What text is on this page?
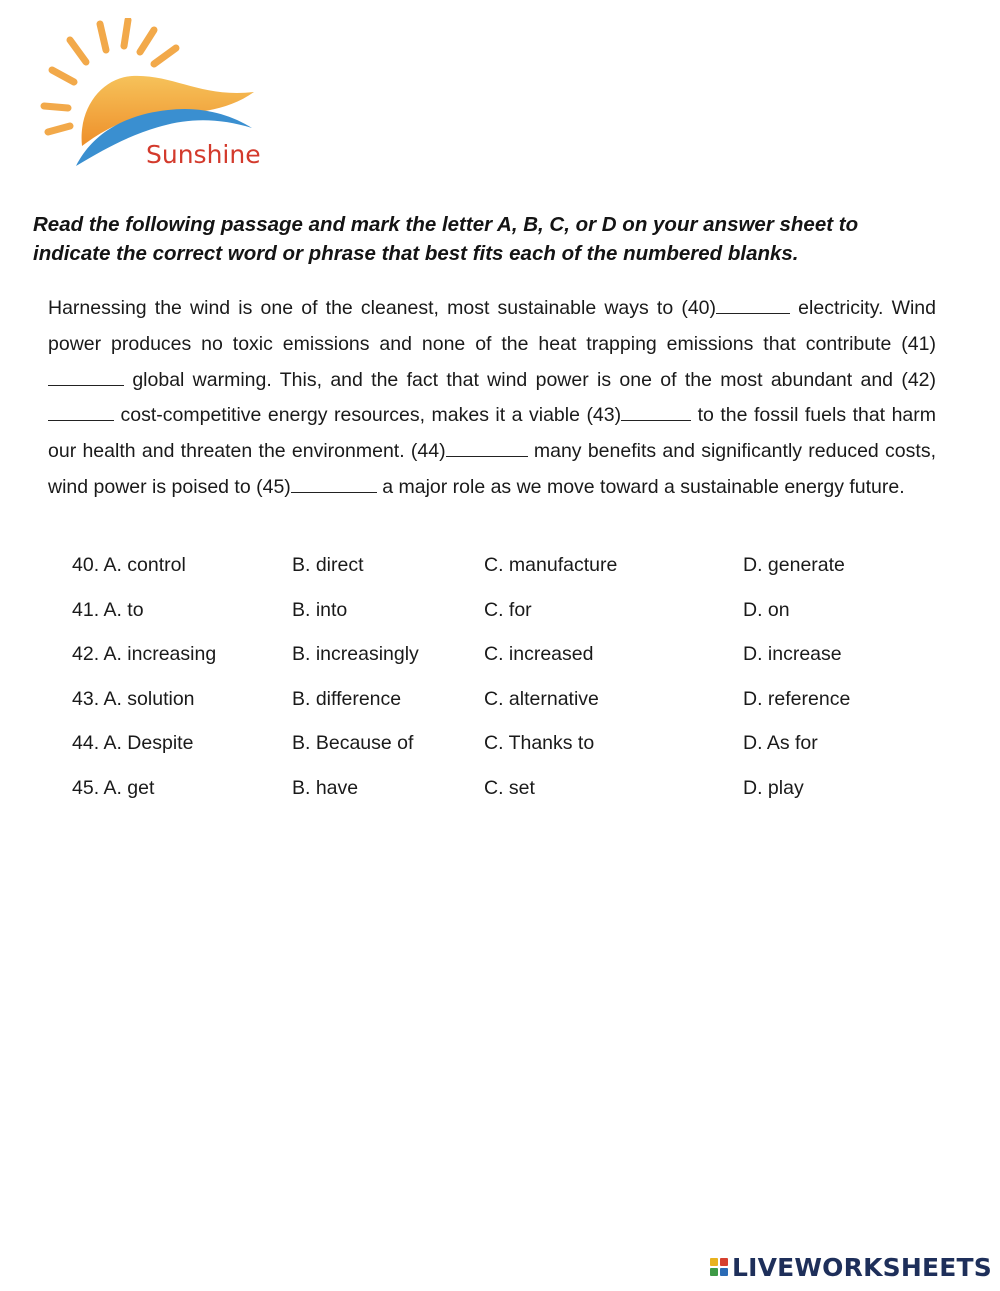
Sunshine
Read the following passage and mark the letter A, B, C, or D on your answer sheet to indicate the correct word or phrase that best fits each of the numbered blanks.

Harnessing the wind is one of the cleanest, most sustainable ways to (40)	electricity. Wind power produces no toxic emissions and none of the heat trapping emissions that contribute (41) global warming. This, and the fact that wind power is one of the most abundant and (42) cost-competitive energy resources, makes it a viable (43)	to the fossil fuels that harm our health and threaten the environment. (44)	many benefits and significantly reduced costs, wind power is poised to (45)	a major role as we move toward a sustainable energy future.

40. A. control	B. direct	C. manufacture	D. generate
41. A. to	B. into	C. for	D. on
42. A. increasing	B. increasingly	C. increased	D. increase
43. A. solution	B. difference	C. alternative	D. reference
44. A. Despite	B. Because of	C. Thanks to	D. As for
45. A. get	B. have	C. set	D. play
LIVEWORKSHEETS
